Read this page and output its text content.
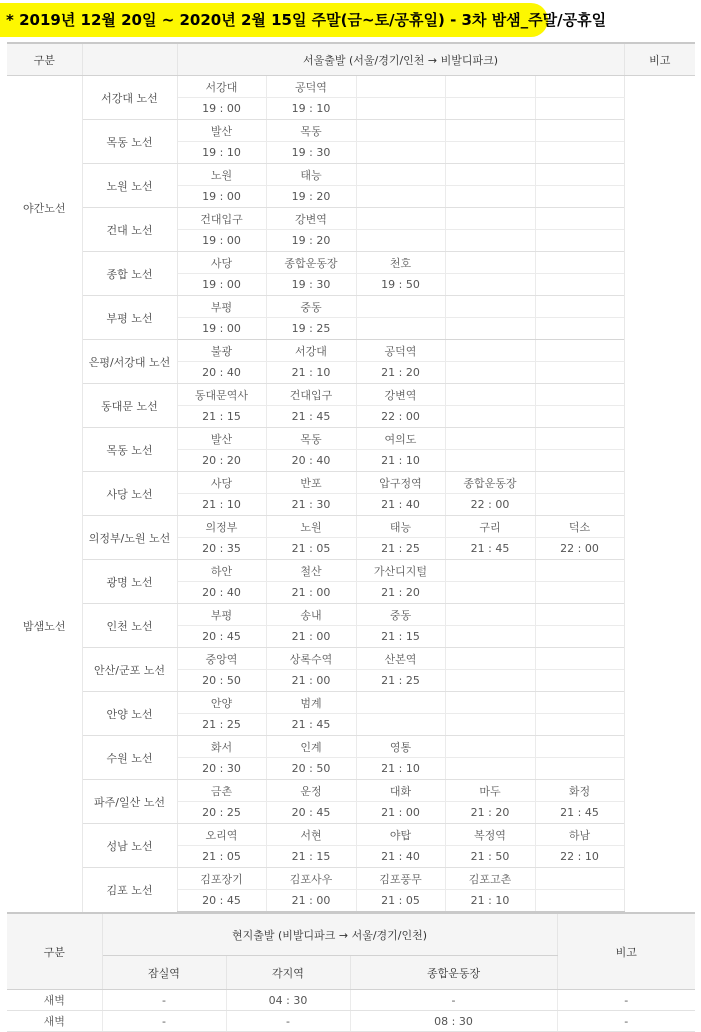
* 2019년 12월 20일 ~ 2020년 2월 15일 주말(금~토/공휴일) - 3차 밤샘_주말/공휴일
구분		서울출발 (서울/경기/인천 → 비발디파크)					비고
야간노선	서강대 노선	서강대	공덕역				
		19 : 00	19 : 10				
	목동 노선	발산	목동				
		19 : 10	19 : 30				
	노원 노선	노원	태능				
		19 : 00	19 : 20				
	건대 노선	건대입구	강변역				
		19 : 00	19 : 20				
	종합 노선	사당	종합운동장	천호			
		19 : 00	19 : 30	19 : 50			
	부평 노선	부평	중동				
		19 : 00	19 : 25				
밤샘노선	은평/서강대 노선	불광	서강대	공덕역			
		20 : 40	21 : 10	21 : 20			
	동대문 노선	동대문역사	건대입구	강변역			
		21 : 15	21 : 45	22 : 00			
	목동 노선	발산	목동	여의도			
		20 : 20	20 : 40	21 : 10			
	사당 노선	사당	반포	압구정역	종합운동장		
		21 : 10	21 : 30	21 : 40	22 : 00		
	의정부/노원 노선	의정부	노원	태능	구리	덕소	
		20 : 35	21 : 05	21 : 25	21 : 45	22 : 00	
	광명 노선	하안	철산	가산디지털			
		20 : 40	21 : 00	21 : 20			
	인천 노선	부평	송내	중동			
		20 : 45	21 : 00	21 : 15			
	안산/군포 노선	중앙역	상록수역	산본역			
		20 : 50	21 : 00	21 : 25			
	안양 노선	안양	범계				
		21 : 25	21 : 45				
	수원 노선	화서	인계	영통			
		20 : 30	20 : 50	21 : 10			
	파주/일산 노선	금촌	운정	대화	마두	화정	
		20 : 25	20 : 45	21 : 00	21 : 20	21 : 45	
	성남 노선	오리역	서현	야탑	복정역	하남	
		21 : 05	21 : 15	21 : 40	21 : 50	22 : 10	
	김포 노선	김포장기	김포사우	김포풍무	김포고촌		
		20 : 45	21 : 00	21 : 05	21 : 10		
구분	현지출발 (비발디파크 → 서울/경기/인천)			비고
	잠실역	각지역	종합운동장	
새벽	-	04 : 30	-	-
새벽	-	-	08 : 30	-
